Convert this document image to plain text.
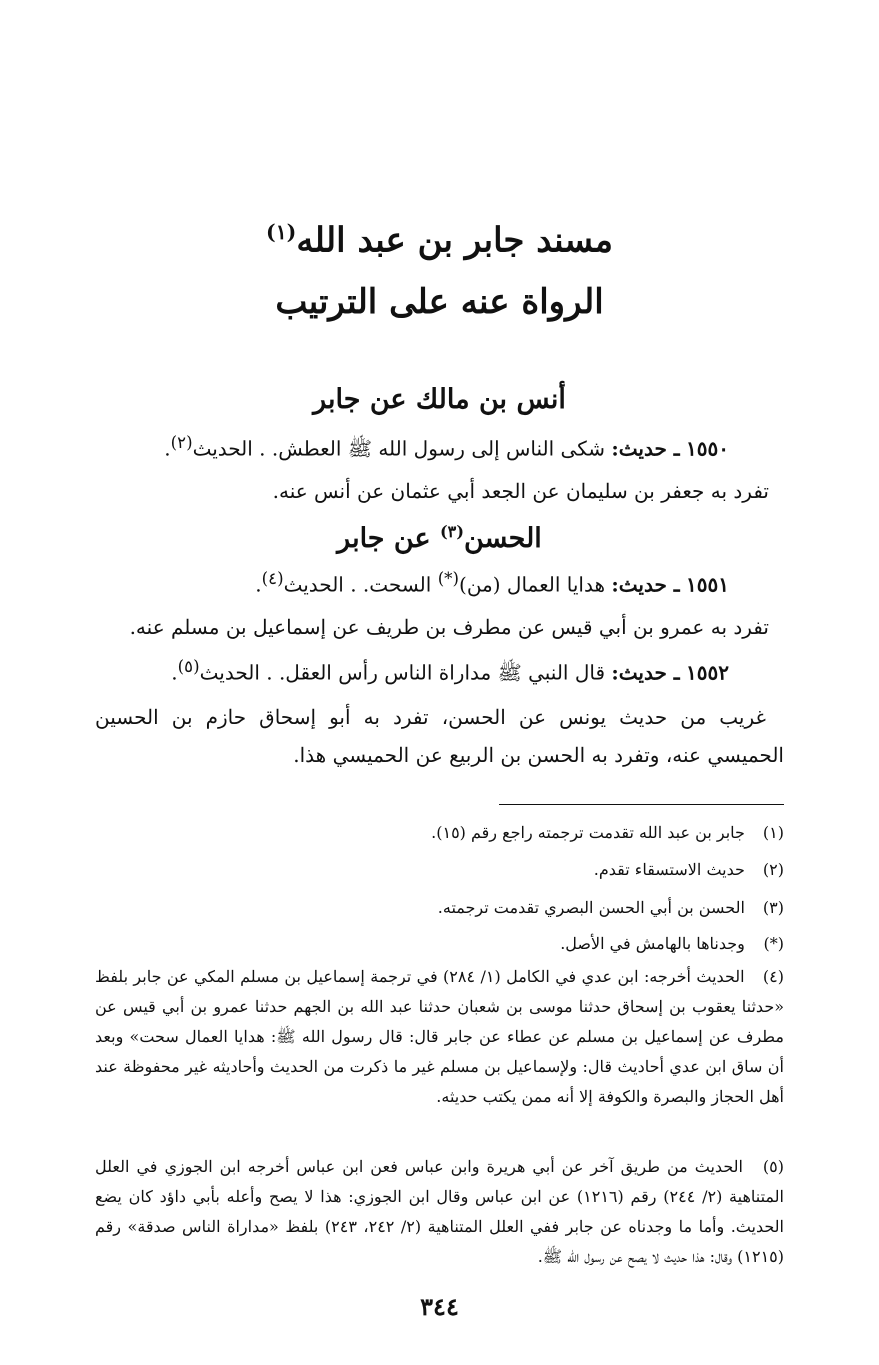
مسند جابر بن عبد الله$^{(١)}$
الرواة عنه على الترتيب
أنس بن مالك عن جابر
١٥٥٠ ـ حديث: شكى الناس إلى رسول الله ﷺ العطش. . الحديث$^{(٢)}$.
تفرد به جعفر بن سليمان عن الجعد أبي عثمان عن أنس عنه.
الحسن$^{(٣)}$ عن جابر
١٥٥١ ـ حديث: هدايا العمال (من)(*) السحت. . الحديث$^{(٤)}$.
تفرد به عمرو بن أبي قيس عن مطرف بن طريف عن إسماعيل بن مسلم عنه.
١٥٥٢ ـ حديث: قال النبي ﷺ مداراة الناس رأس العقل. . الحديث$^{(٥)}$.
غريب من حديث يونس عن الحسن، تفرد به أبو إسحاق حازم بن الحسين الحميسي عنه، وتفرد به الحسن بن الربيع عن الحميسي هذا.
(١) جابر بن عبد الله تقدمت ترجمته راجع رقم (١٥).
(٢) حديث الاستسقاء تقدم.
(٣) الحسن بن أبي الحسن البصري تقدمت ترجمته.
(*) وجدناها بالهامش في الأصل.
(٤) الحديث أخرجه: ابن عدي في الكامل (١/ ٢٨٤) في ترجمة إسماعيل بن مسلم المكي عن جابر بلفظ «حدثنا يعقوب بن إسحاق حدثنا موسى بن شعبان حدثنا عبد الله بن الجهم حدثنا عمرو بن أبي قيس عن مطرف عن إسماعيل بن مسلم عن عطاء عن جابر قال: قال رسول الله ﷺ: هدايا العمال سحت» وبعد أن ساق ابن عدي أحاديث قال: ولإسماعيل بن مسلم غير ما ذكرت من الحديث وأحاديثه غير محفوظة عند أهل الحجاز والبصرة والكوفة إلا أنه ممن يكتب حديثه.
(٥) الحديث من طريق آخر عن أبي هريرة وابن عباس فعن ابن عباس أخرجه ابن الجوزي في العلل المتناهية (٢/ ٢٤٤) رقم (١٢١٦) عن ابن عباس وقال ابن الجوزي: هذا لا يصح وأعله بأبي داؤد كان يضع الحديث. وأما ما وجدناه عن جابر ففي العلل المتناهية (٢/ ٢٤٢، ٢٤٣) بلفظ «مداراة الناس صدقة» رقم (١٢١٥) وقال: هذا حديث لا يصح عن رسول الله ﷺ.
٣٤٤
